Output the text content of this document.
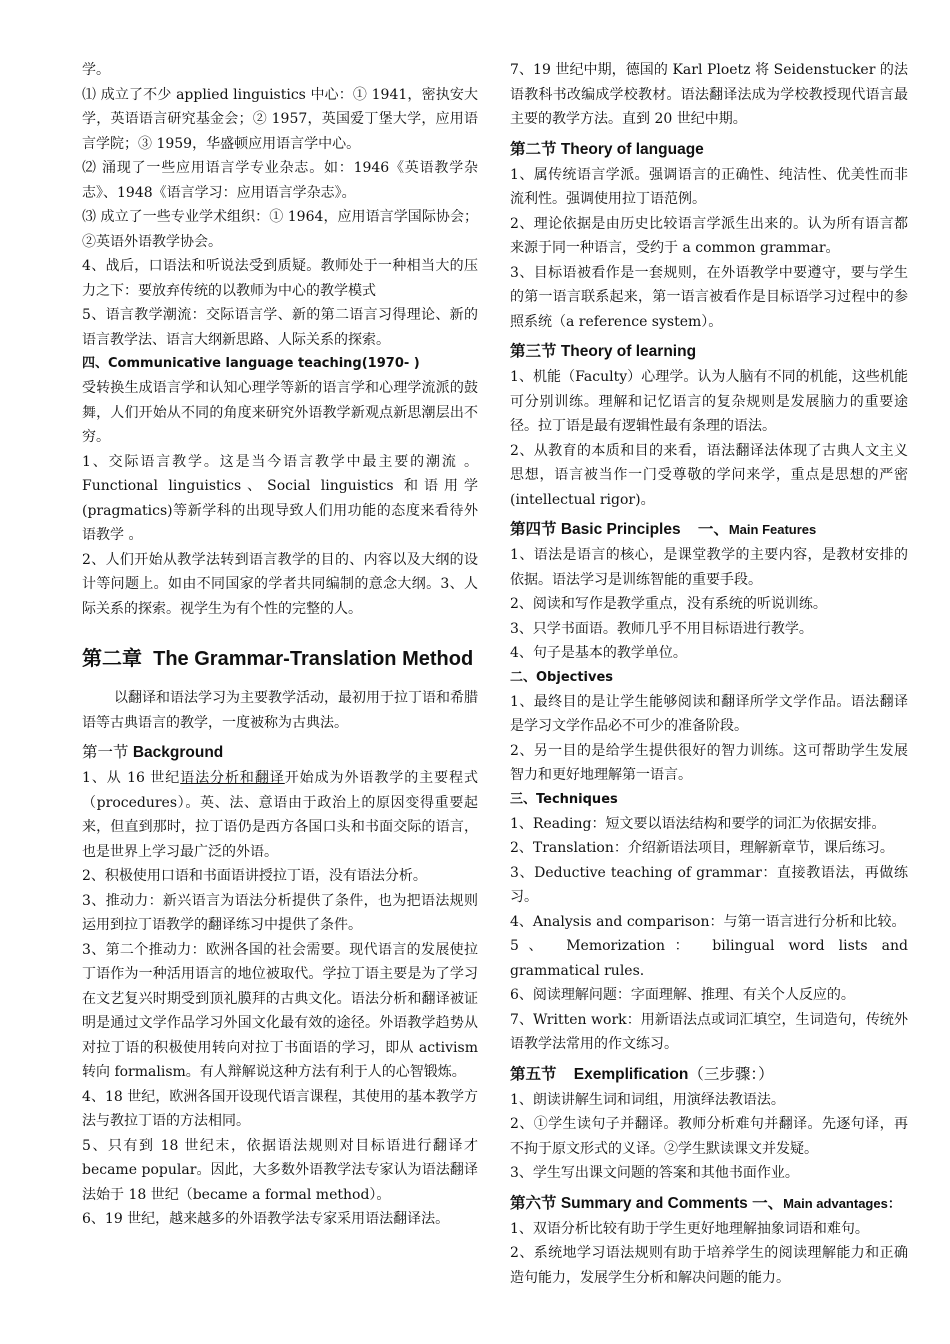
学。

⑴ 成立了不少 applied linguistics 中心：① 1941，密执安大学，英语语言研究基金会；② 1957，英国爱丁堡大学，应用语言学院；③ 1959，华盛顿应用语言学中心。

⑵ 涌现了一些应用语言学专业杂志。如：1946《英语教学杂志》、1948《语言学习：应用语言学杂志》。

⑶ 成立了一些专业学术组织：① 1964，应用语言学国际协会；②英语外语教学协会。

4、战后，口语法和听说法受到质疑。教师处于一种相当大的压力之下：要放弃传统的以教师为中心的教学模式

5、语言教学潮流：交际语言学、新的第二语言习得理论、新的语言教学法、语言大纲新思路、人际关系的探索。

四、Communicative language teaching(1970- )

受转换生成语言学和认知心理学等新的语言学和心理学流派的鼓舞，人们开始从不同的角度来研究外语教学新观点新思潮层出不穷。

1、交际语言教学。这是当今语言教学中最主要的潮流 。Functional linguistics、Social linguistics 和语用学(pragmatics)等新学科的出现导致人们用功能的态度来看待外语教学 。

2、人们开始从教学法转到语言教学的目的、内容以及大纲的设计等问题上。如由不同国家的学者共同编制的意念大纲。3、人际关系的探索。视学生为有个性的完整的人。

第二章 The Grammar-Translation Method

以翻译和语法学习为主要教学活动，最初用于拉丁语和希腊语等古典语言的教学，一度被称为古典法。

第一节 Background

1、从 16 世纪语法分析和翻译开始成为外语教学的主要程式（procedures）。英、法、意语由于政治上的原因变得重要起来，但直到那时，拉丁语仍是西方各国口头和书面交际的语言，也是世界上学习最广泛的外语。

2、积极使用口语和书面语讲授拉丁语，没有语法分析。

3、推动力：新兴语言为语法分析提供了条件，也为把语法规则运用到拉丁语教学的翻译练习中提供了条件。

3、第二个推动力：欧洲各国的社会需要。现代语言的发展使拉丁语作为一种活用语言的地位被取代。学拉丁语主要是为了学习在文艺复兴时期受到顶礼膜拜的古典文化。语法分析和翻译被证明是通过文学作品学习外国文化最有效的途径。外语教学趋势从对拉丁语的积极使用转向对拉丁书面语的学习，即从 activism 转向 formalism。有人辩解说这种方法有利于人的心智锻炼。

4、18 世纪，欧洲各国开设现代语言课程，其使用的基本教学方法与教拉丁语的方法相同。

5、只有到 18 世纪末，依据语法规则对目标语进行翻译才 became popular。因此，大多数外语教学法专家认为语法翻译法始于 18 世纪（became a formal method）。

6、19 世纪，越来越多的外语教学法专家采用语法翻译法。

7、19 世纪中期，德国的 Karl Ploetz 将 Seidenstucker 的法语教科书改编成学校教材。语法翻译法成为学校教授现代语言最主要的教学方法。直到 20 世纪中期。

第二节 Theory of language

1、属传统语言学派。强调语言的正确性、纯洁性、优美性而非流利性。强调使用拉丁语范例。

2、理论依据是由历史比较语言学派生出来的。认为所有语言都来源于同一种语言，受约于 a common grammar。

3、目标语被看作是一套规则，在外语教学中要遵守，要与学生的第一语言联系起来，第一语言被看作是目标语学习过程中的参照系统（a reference system）。

第三节 Theory of learning

1、机能（Faculty）心理学。认为人脑有不同的机能，这些机能可分别训练。理解和记忆语言的复杂规则是发展脑力的重要途径。拉丁语是最有逻辑性最有条理的语法。

2、从教育的本质和目的来看，语法翻译法体现了古典人文主义思想，语言被当作一门受尊敬的学问来学，重点是思想的严密(intellectual rigor)。

第四节 Basic Principles 一、Main Features

1、语法是语言的核心，是课堂教学的主要内容，是教材安排的依据。语法学习是训练智能的重要手段。

2、阅读和写作是教学重点，没有系统的听说训练。

3、只学书面语。教师几乎不用目标语进行教学。

4、句子是基本的教学单位。

二、Objectives

1、最终目的是让学生能够阅读和翻译所学文学作品。语法翻译是学习文学作品必不可少的准备阶段。

2、另一目的是给学生提供很好的智力训练。这可帮助学生发展智力和更好地理解第一语言。

三、Techniques

1、Reading：短文要以语法结构和要学的词汇为依据安排。

2、Translation：介绍新语法项目，理解新章节，课后练习。

3、Deductive teaching of grammar：直接教语法，再做练习。

4、Analysis and comparison：与第一语言进行分析和比较。

5、 Memorization： bilingual word lists and grammatical rules.

6、阅读理解问题：字面理解、推理、有关个人反应的。

7、Written work：用新语法点或词汇填空，生词造句，传统外语教学法常用的作文练习。

第五节 Exemplification（三步骤：）

1、朗读讲解生词和词组，用演绎法教语法。

2、①学生读句子并翻译。教师分析难句并翻译。先逐句译，再不拘于原文形式的义译。②学生默读课文并发疑。

3、学生写出课文问题的答案和其他书面作业。

第六节 Summary and Comments 一、Main advantages：

1、双语分析比较有助于学生更好地理解抽象词语和难句。

2、系统地学习语法规则有助于培养学生的阅读理解能力和正确造句能力，发展学生分析和解决问题的能力。
